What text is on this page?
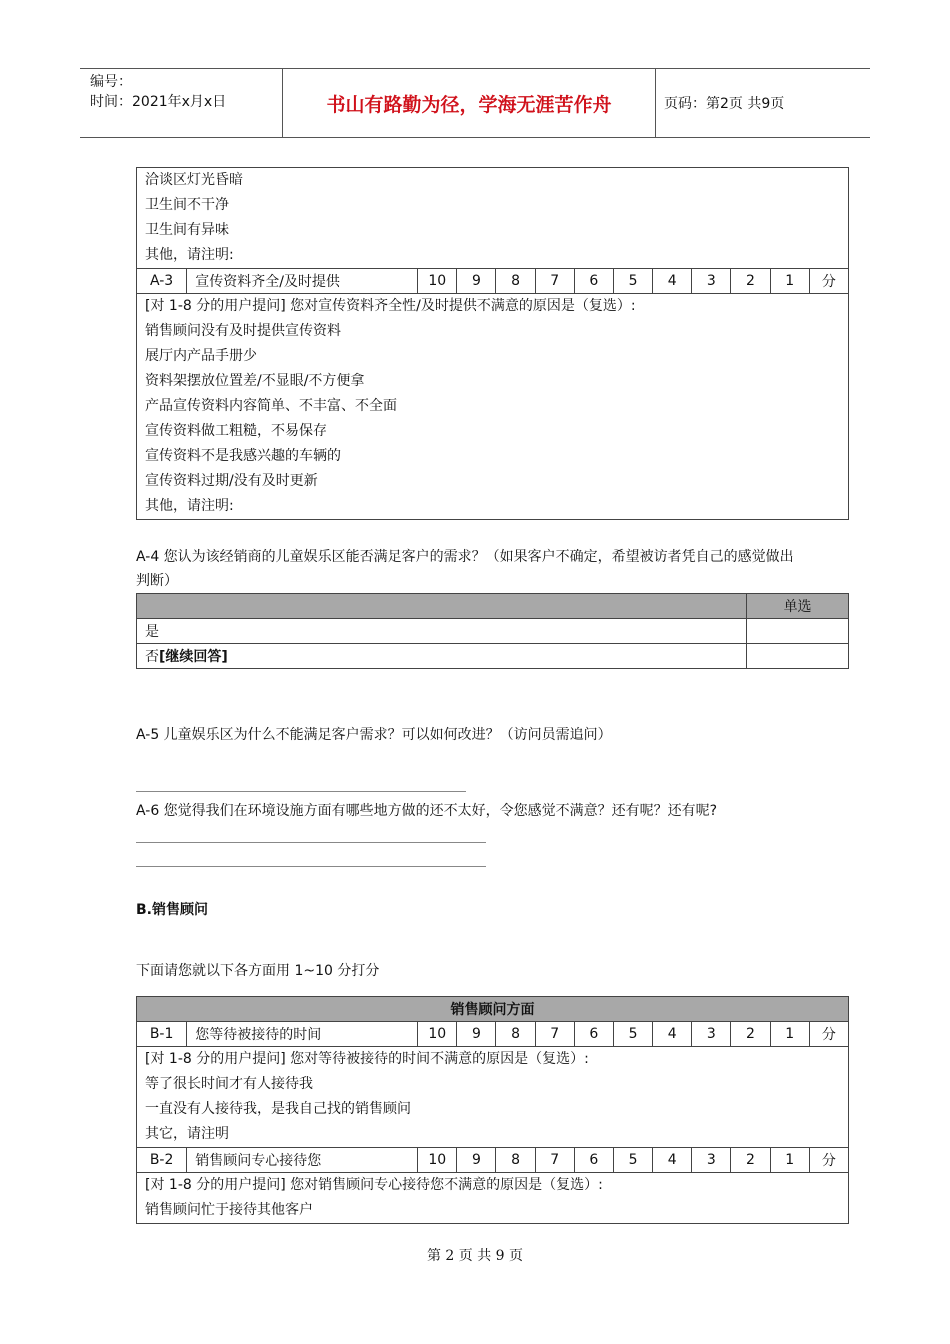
编号：
时间：2021年x月x日	书山有路勤为径，学海无涯苦作舟	页码：第2页 共9页
洽谈区灯光昏暗
卫生间不干净
卫生间有异味
其他，请注明:

A-3	宣传资料齐全/及时提供	10	9	8	7	6	5	4	3	2	1	分

[对 1-8 分的用户提问] 您对宣传资料齐全性/及时提供不满意的原因是（复选）:
销售顾问没有及时提供宣传资料
展厅内产品手册少
资料架摆放位置差/不显眼/不方便拿
产品宣传资料内容简单、不丰富、不全面
宣传资料做工粗糙，不易保存
宣传资料不是我感兴趣的车辆的
宣传资料过期/没有及时更新
其他，请注明:
A-4 您认为该经销商的儿童娱乐区能否满足客户的需求？（如果客户不确定，希望被访者凭自己的感觉做出
判断）
	单选
是	
否[继续回答]	
A-5 儿童娱乐区为什么不能满足客户需求？可以如何改进？（访问员需追问）
A-6 您觉得我们在环境设施方面有哪些地方做的还不太好，令您感觉不满意？还有呢？还有呢?
B.销售顾问
下面请您就以下各方面用 1~10 分打分
销售顾问方面												
B-1	您等待被接待的时间	10	9	8	7	6	5	4	3	2	1	分

[对 1-8 分的用户提问] 您对等待被接待的时间不满意的原因是（复选）:
等了很长时间才有人接待我
一直没有人接待我，是我自己找的销售顾问
其它，请注明												

B-2	销售顾问专心接待您	10	9	8	7	6	5	4	3	2	1	分

[对 1-8 分的用户提问] 您对销售顾问专心接待您不满意的原因是（复选）:
销售顾问忙于接待其他客户												
第 2 页 共 9 页
